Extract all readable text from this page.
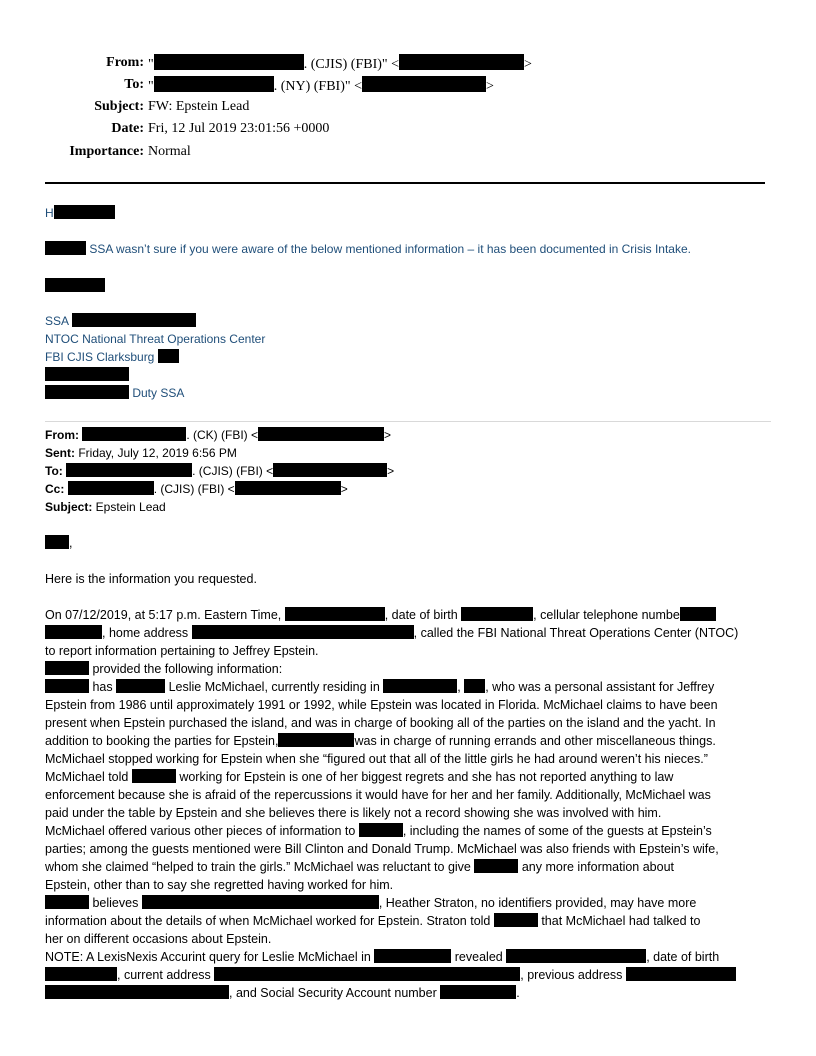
From: "	. (CJIS) (FBI)" <	>
To: "	. (NY) (FBI)" <	>
Subject: FW: Epstein Lead
Date: Fri, 12 Jul 2019 23:01:56 +0000
Importance: Normal
H
SSA wasn’t sure if you were aware of the below mentioned information – it has been documented in Crisis Intake.
SSA
NTOC National Threat Operations Center
FBI CJIS Clarksburg
Duty SSA
From:	. (CK) (FBI) <	>
Sent: Friday, July 12, 2019 6:56 PM
To:	. (CJIS) (FBI) <	>
Cc:	. (CJIS) (FBI) <	>
Subject: Epstein Lead
,
Here is the information you requested.
On 07/12/2019, at 5:17 p.m. Eastern Time,	, date of birth	, cellular telephone numbe
, home address	, called the FBI National Threat Operations Center (NTOC)
to report information pertaining to Jeffrey Epstein.
provided the following information:
has	Leslie McMichael, currently residing in	, , who was a personal assistant for Jeffrey
Epstein from 1986 until approximately 1991 or 1992, while Epstein was located in Florida. McMichael claims to have been
present when Epstein purchased the island, and was in charge of booking all of the parties on the island and the yacht. In
addition to booking the parties for Epstein,	was in charge of running errands and other miscellaneous things.
McMichael stopped working for Epstein when she “figured out that all of the little girls he had around weren’t his nieces.”
McMichael told	working for Epstein is one of her biggest regrets and she has not reported anything to law
enforcement because she is afraid of the repercussions it would have for her and her family. Additionally, McMichael was
paid under the table by Epstein and she believes there is likely not a record showing she was involved with him.
McMichael offered various other pieces of information to	, including the names of some of the guests at Epstein’s
parties; among the guests mentioned were Bill Clinton and Donald Trump. McMichael was also friends with Epstein’s wife,
whom she claimed “helped to train the girls.” McMichael was reluctant to give	any more information about
Epstein, other than to say she regretted having worked for him.
believes	, Heather Straton, no identifiers provided, may have more
information about the details of when McMichael worked for Epstein. Straton told	that McMichael had talked to
her on different occasions about Epstein.
NOTE: A LexisNexis Accurint query for Leslie McMichael in	revealed	, date of birth
, current address	, previous address
, and Social Security Account number	.
